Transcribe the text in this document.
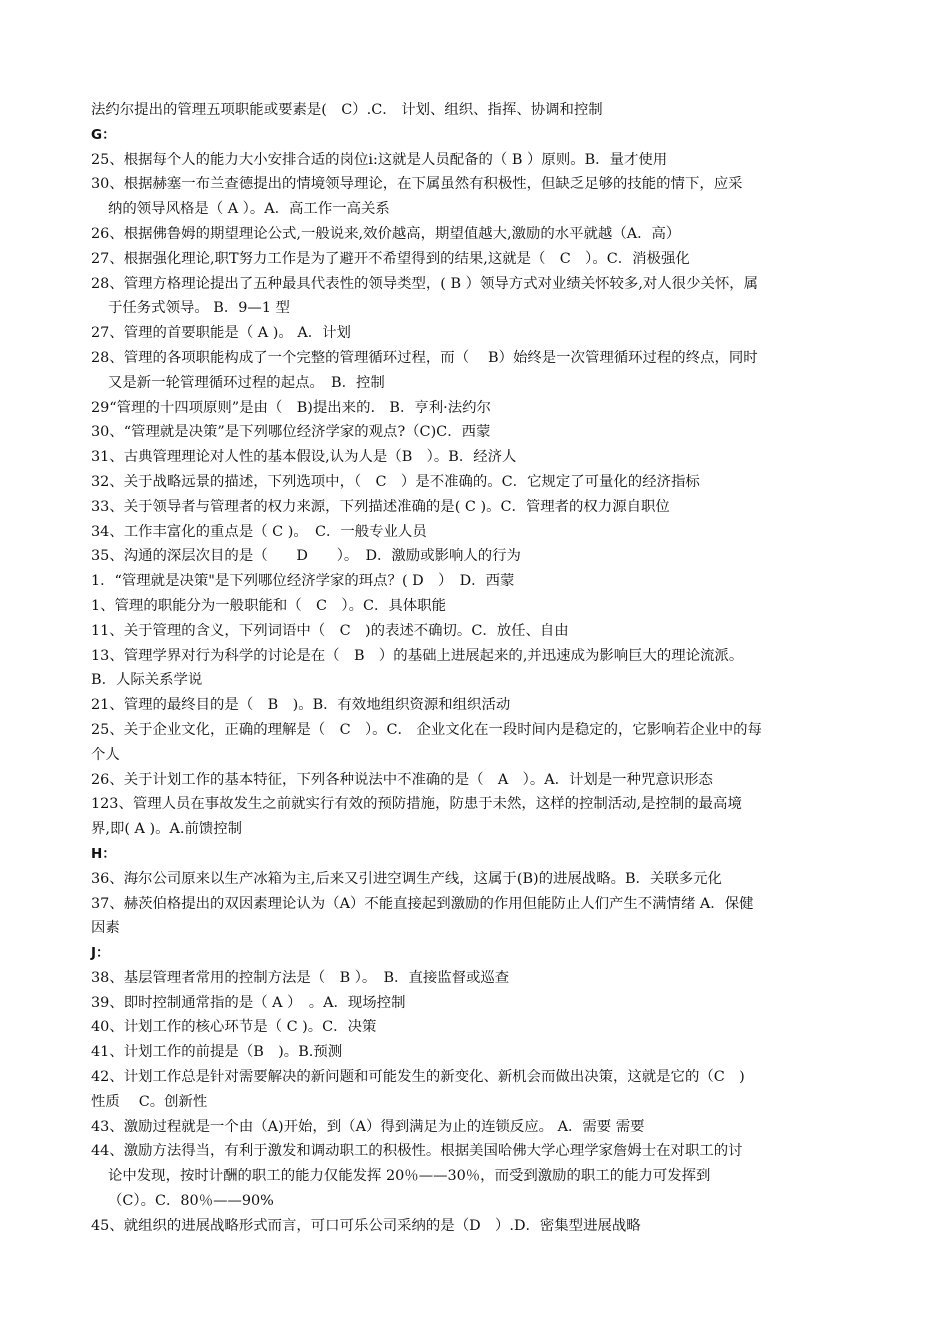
法约尔提出的管理五项职能或要素是(　C）.C． 计划、组织、指挥、协调和控制
G：
25、根据每个人的能力大小安排合适的岗位i:这就是人员配备的（ B ）原则。B．量才使用
30、根据赫塞一布兰查德提出的情境领导理论，在下属虽然有积极性，但缺乏足够的技能的情下，应采
纳的领导风格是（ A ）。A．高工作一高关系
26、根据佛鲁姆的期望理论公式,一般说来,效价越高，期望值越大,激励的水平就越（A．高）
27、根据强化理论,职T努力工作是为了避开不希望得到的结果,这就是（　C　）。C．消极强化
28、管理方格理论提出了五种最具代表性的领导类型，( B ）领导方式对业绩关怀较多,对人很少关怀，属
于任务式领导。 B．9—1 型
27、管理的首要职能是（ A )。 A．计划
28、管理的各项职能构成了一个完整的管理循环过程，而（　 B）始终是一次管理循环过程的终点，同时
又是新一轮管理循环过程的起点。　B．控制
29“管理的十四项原则”是由（　B)提出来的.　B．亨利·法约尔
30、“管理就是决策”是下列哪位经济学家的观点?（C)C．西蒙
31、古典管理理论对人性的基本假设,认为人是（B　）。B．经济人
32、关于战略远景的描述，下列选项中，（　C　）是不准确的。C．它规定了可量化的经济指标
33、关于领导者与管理者的权力来源，下列描述准确的是( C )。C．管理者的权力源自职位
34、工作丰富化的重点是（ C )。　C．一般专业人员
35、沟通的深层次目的是（　　D　　）。　D．激励或影响人的行为
1．“管理就是决策"是下列哪位经济学家的珥点？( D　）　D．西蒙
1、管理的职能分为一般职能和（　C　）。C．具体职能
11、关于管理的含义，下列词语中（　C　)的表述不确切。C．放任、自由
13、管理学界对行为科学的讨论是在（　B　）的基础上进展起来的,并迅速成为影响巨大的理论流派。
B．人际关系学说
21、管理的最终目的是（　B　)。B．有效地组织资源和组织活动
25、关于企业文化，正确的理解是（　C　）。C． 企业文化在一段时间内是稳定的，它影响若企业中的每
个人
26、关于计划工作的基本特征，下列各种说法中不准确的是（　A　）。A．计划是一种咒意识形态
123、管理人员在事故发生之前就实行有效的预防措施，防患于未然，这样的控制活动,是控制的最高境
界,即( A )。A.前馈控制
H：
36、海尔公司原来以生产冰箱为主,后来又引进空调生产线，这属于(B)的进展战略。B．关联多元化
37、赫茨伯格提出的双因素理论认为（A）不能直接起到激励的作用但能防止人们产生不满情绪 A．保健
因素
J：
38、基层管理者常用的控制方法是（　B ）。　B．直接监督或巡查
39、即时控制通常指的是（ A ）　。A．现场控制
40、计划工作的核心环节是（ C )。C．决策
41、计划工作的前提是（B　)。B.预测
42、计划工作总是针对需要解决的新问题和可能发生的新变化、新机会而做出决策，这就是它的（C　)
性质　 C。创新性
43、激励过程就是一个由（A)开始，到（A）得到满足为止的连锁反应。 A．需要 需要
44、激励方法得当，有利于激发和调动职工的积极性。根据美国哈佛大学心理学家詹姆士在对职工的讨
论中发现，按时计酬的职工的能力仅能发挥 20％——30％，而受到激励的职工的能力可发挥到
（C）。C．80％——90%
45、就组织的进展战略形式而言，可口可乐公司采纳的是（D　）.D．密集型进展战略
